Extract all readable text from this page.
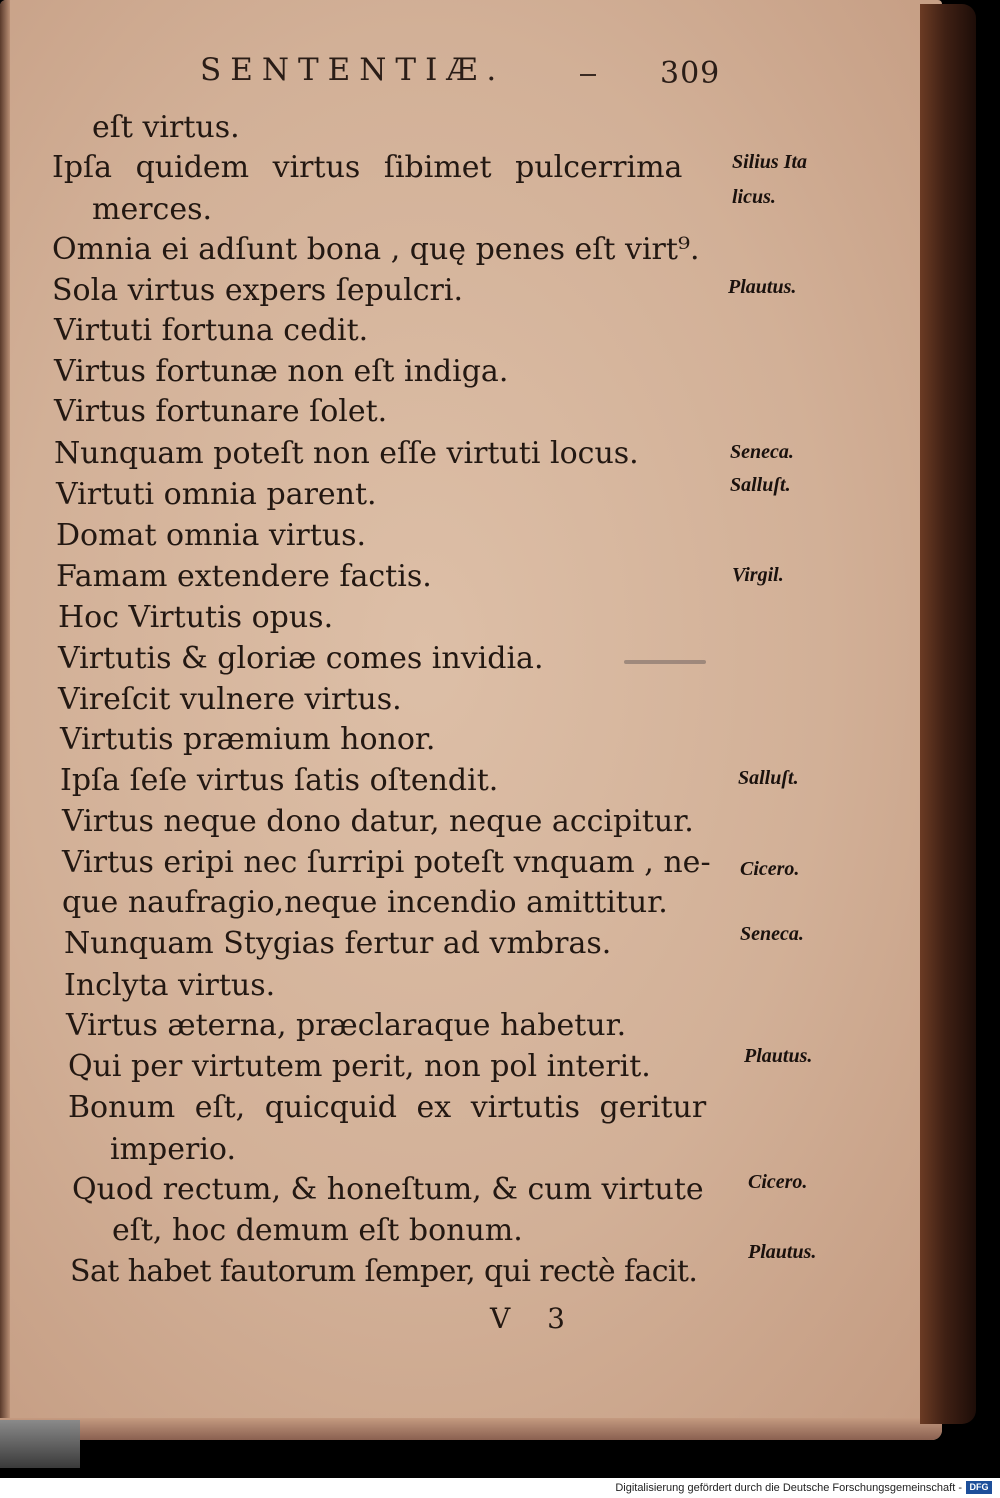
SENTENTIÆ.	309
eſt virtus.
Ipſa quidem virtus ſibimet pulcerrima
merces.
Omnia ei adſunt bona , quę penes eſt virt⁹.
Sola virtus expers ſepulcri.
Virtuti fortuna cedit.
Virtus fortunæ non eſt indiga.
Virtus fortunare ſolet.
Nunquam poteſt non eſſe virtuti locus.
Virtuti omnia parent.
Domat omnia virtus.
Famam extendere factis.
Hoc Virtutis opus.
Virtutis & gloriæ comes invidia.
Vireſcit vulnere virtus.
Virtutis præmium honor.
Ipſa ſeſe virtus ſatis oſtendit.
Virtus neque dono datur, neque accipitur.
Virtus eripi nec ſurripi poteſt vnquam , ne-
que naufragio,neque incendio amittitur.
Nunquam Stygias fertur ad vmbras.
Inclyta virtus.
Virtus æterna, præclaraque habetur.
Qui per virtutem perit, non pol interit.
Bonum eſt, quicquid ex virtutis geritur
imperio.
Quod rectum, & honeſtum, & cum virtute
eſt, hoc demum eſt bonum.
Sat habet fautorum ſemper, qui rectè facit.
Silius Ita
licus.
Plautus.
Seneca.
Salluſt.
Virgil.
Salluſt.
Cicero.
Seneca.
Plautus.
Cicero.
Plautus.
V 3
Digitalisierung gefördert durch die Deutsche Forschungsgemeinschaft - DFG
